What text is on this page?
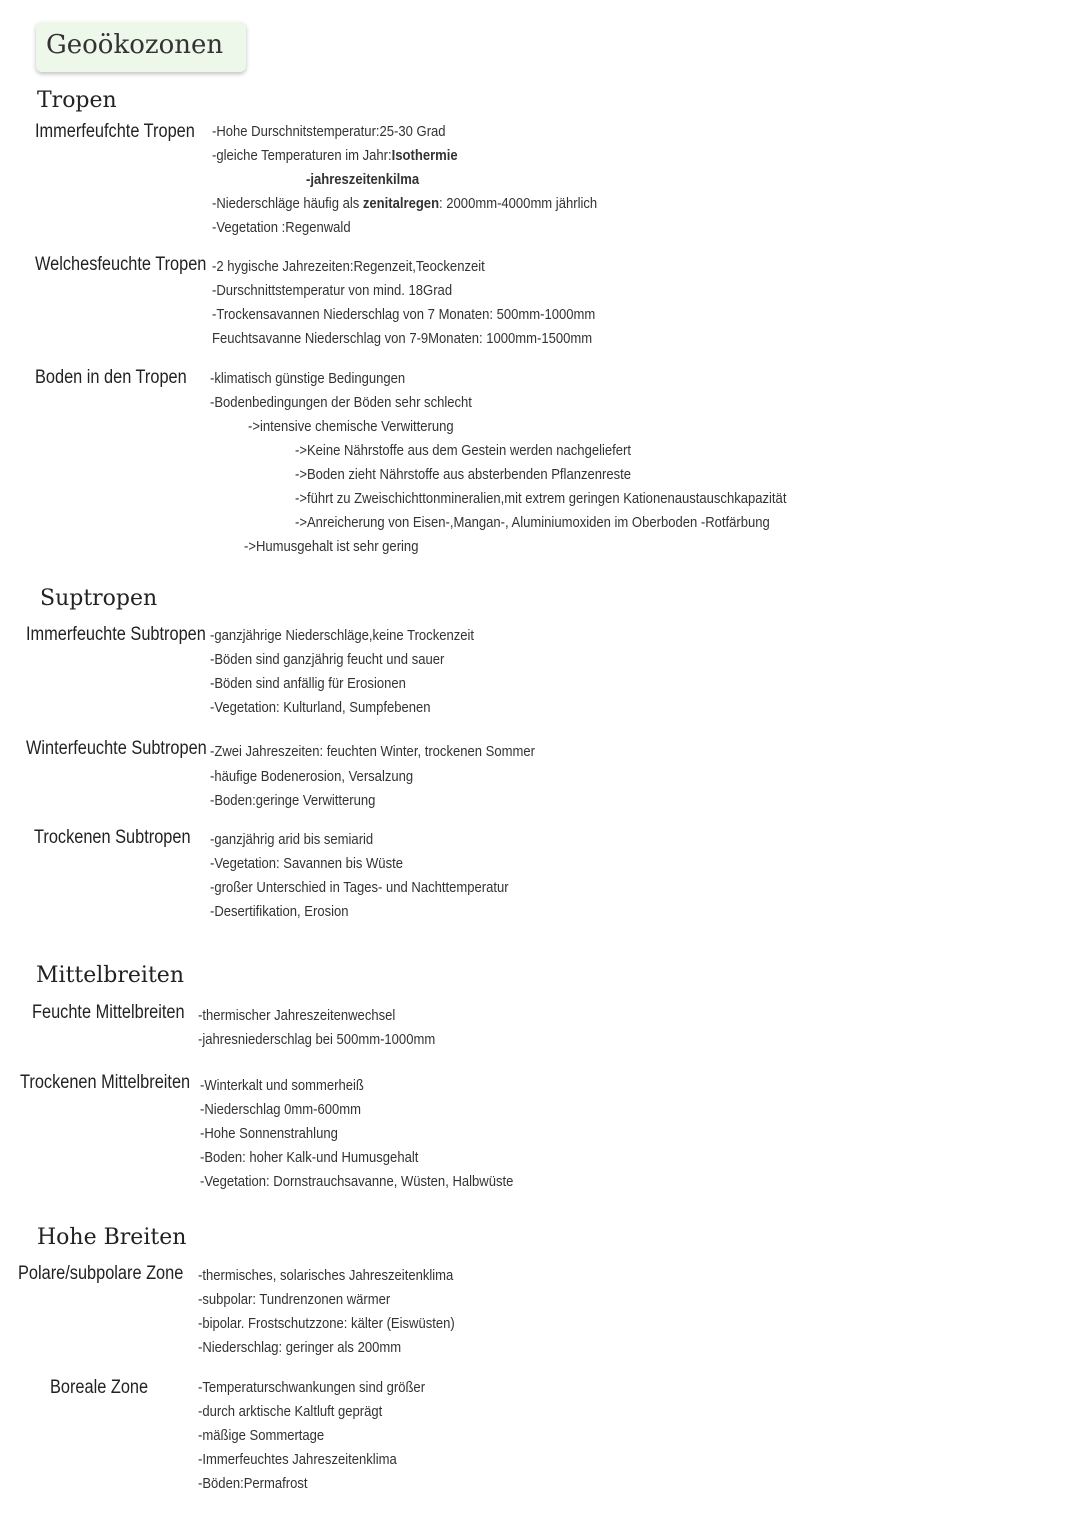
Geoökozonen
Tropen
Immerfeufchte Tropen -Hohe Durschnitstemperatur:25-30 Grad
-gleiche Temperaturen im Jahr:Isothermie
-jahreszeitenkilma
-Niederschläge häufig als zenitalregen: 2000mm-4000mm jährlich
-Vegetation :Regenwald
Welchesfeuchte Tropen -2 hygische Jahrezeiten:Regenzeit,Teockenzeit
-Durschnittstemperatur von mind. 18Grad
-Trockensavannen Niederschlag von 7 Monaten: 500mm-1000mm
Feuchtsavanne Niederschlag von 7-9Monaten: 1000mm-1500mm
Boden in den Tropen -klimatisch günstige Bedingungen
-Bodenbedingungen der Böden sehr schlecht
->intensive chemische Verwitterung
->Keine Nährstoffe aus dem Gestein werden nachgeliefert
->Boden zieht Nährstoffe aus absterbenden Pflanzenreste
->führt zu Zweischichttonmineralien,mit extrem geringen Kationenaustauschkapazität
->Anreicherung von Eisen-,Mangan-, Aluminiumoxiden im Oberboden -Rotfärbung
->Humusgehalt ist sehr gering
Suptropen
Immerfeuchte Subtropen -ganzjährige Niederschläge,keine Trockenzeit
-Böden sind ganzjährig feucht und sauer
-Böden sind anfällig für Erosionen
-Vegetation: Kulturland, Sumpfebenen
Winterfeuchte Subtropen -Zwei Jahreszeiten: feuchten Winter, trockenen Sommer
-häufige Bodenerosion, Versalzung
-Boden:geringe Verwitterung
Trockenen Subtropen -ganzjährig arid bis semiarid
-Vegetation: Savannen bis Wüste
-großer Unterschied in Tages- und Nachttemperatur
-Desertifikation, Erosion
Mittelbreiten
Feuchte Mittelbreiten -thermischer Jahreszeitenwechsel
-jahresniederschlag bei 500mm-1000mm
Trockenen Mittelbreiten -Winterkalt und sommerheiß
-Niederschlag 0mm-600mm
-Hohe Sonnenstrahlung
-Boden: hoher Kalk-und Humusgehalt
-Vegetation: Dornstrauchsavanne, Wüsten, Halbwüste
Hohe Breiten
Polare/subpolare Zone -thermisches, solarisches Jahreszeitenklima
-subpolar: Tundrenzonen wärmer
-bipolar. Frostschutzzone: kälter (Eiswüsten)
-Niederschlag: geringer als 200mm
Boreale Zone	-Temperaturschwankungen sind größer
-durch arktische Kaltluft geprägt
-mäßige Sommertage
-Immerfeuchtes Jahreszeitenklima
-Böden:Permafrost
